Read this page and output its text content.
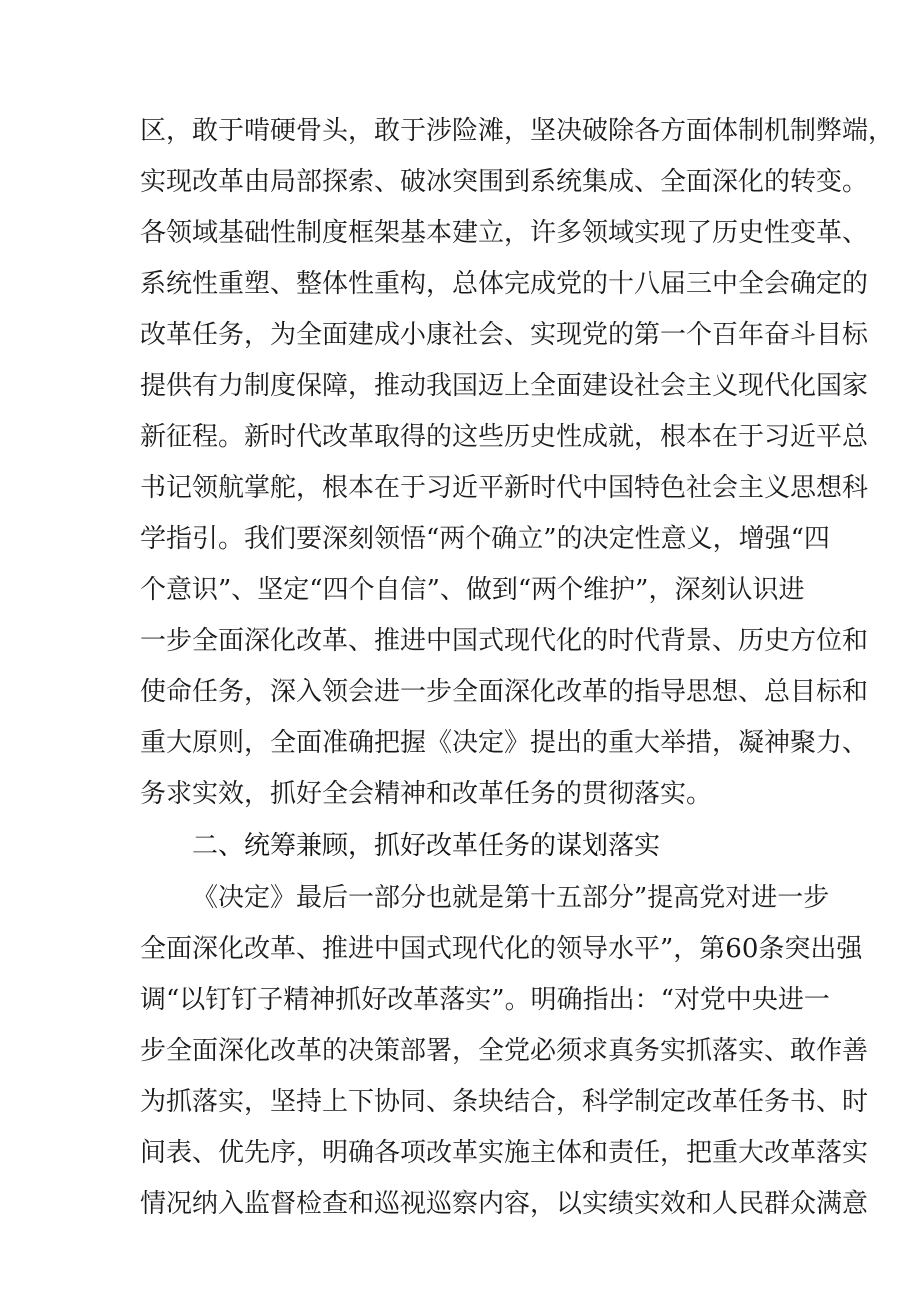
区，敢于啃硬骨头，敢于涉险滩，坚决破除各方面体制机制弊端，
实现改革由局部探索、破冰突围到系统集成、全面深化的转变。
各领域基础性制度框架基本建立，许多领域实现了历史性变革、
系统性重塑、整体性重构，总体完成党的十八届三中全会确定的
改革任务，为全面建成小康社会、实现党的第一个百年奋斗目标
提供有力制度保障，推动我国迈上全面建设社会主义现代化国家
新征程。新时代改革取得的这些历史性成就，根本在于习近平总
书记领航掌舵，根本在于习近平新时代中国特色社会主义思想科
学指引。我们要深刻领悟“两个确立”的决定性意义，增强“四
个意识”、坚定“四个自信”、做到“两个维护”，深刻认识进
一步全面深化改革、推进中国式现代化的时代背景、历史方位和
使命任务，深入领会进一步全面深化改革的指导思想、总目标和
重大原则，全面准确把握《决定》提出的重大举措，凝神聚力、
务求实效，抓好全会精神和改革任务的贯彻落实。
二、统筹兼顾，抓好改革任务的谋划落实
《决定》最后一部分也就是第十五部分”提高党对进一步
全面深化改革、推进中国式现代化的领导水平”，第60条突出强
调“以钉钉子精神抓好改革落实”。明确指出：“对党中央进一
步全面深化改革的决策部署，全党必须求真务实抓落实、敢作善
为抓落实，坚持上下协同、条块结合，科学制定改革任务书、时
间表、优先序，明确各项改革实施主体和责任，把重大改革落实
情况纳入监督检查和巡视巡察内容，以实绩实效和人民群众满意
